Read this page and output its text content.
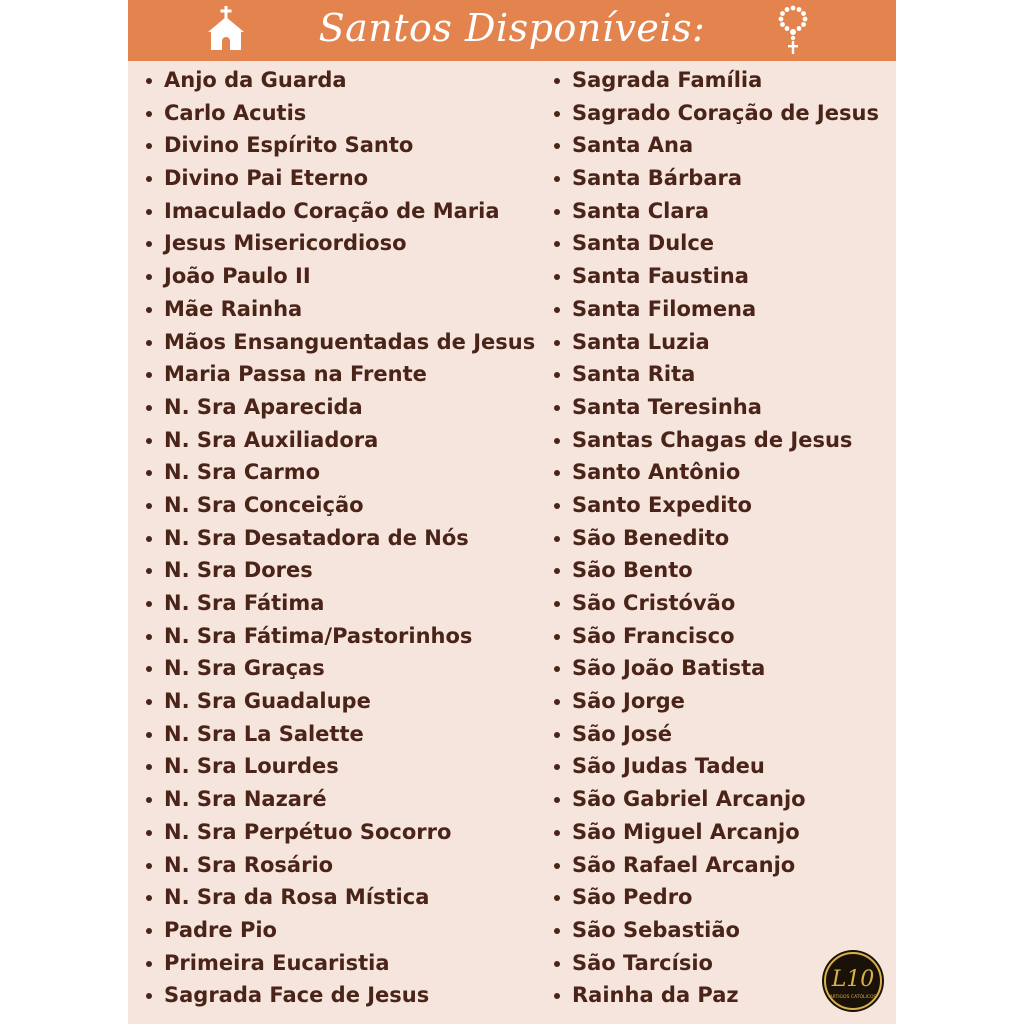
Santos Disponíveis:
Anjo da Guarda
Carlo Acutis
Divino Espírito Santo
Divino Pai Eterno
Imaculado Coração de Maria
Jesus Misericordioso
João Paulo II
Mãe Rainha
Mãos Ensanguentadas de Jesus
Maria Passa na Frente
N. Sra Aparecida
N. Sra Auxiliadora
N. Sra Carmo
N. Sra Conceição
N. Sra Desatadora de Nós
N. Sra Dores
N. Sra Fátima
N. Sra Fátima/Pastorinhos
N. Sra Graças
N. Sra Guadalupe
N. Sra La Salette
N. Sra Lourdes
N. Sra Nazaré
N. Sra Perpétuo Socorro
N. Sra Rosário
N. Sra da Rosa Mística
Padre Pio
Primeira Eucaristia
Sagrada Face de Jesus
Sagrada Família
Sagrado Coração de Jesus
Santa Ana
Santa Bárbara
Santa Clara
Santa Dulce
Santa Faustina
Santa Filomena
Santa Luzia
Santa Rita
Santa Teresinha
Santas Chagas de Jesus
Santo Antônio
Santo Expedito
São Benedito
São Bento
São Cristóvão
São Francisco
São João Batista
São Jorge
São José
São Judas Tadeu
São Gabriel Arcanjo
São Miguel Arcanjo
São Rafael Arcanjo
São Pedro
São Sebastião
São Tarcísio
Rainha da Paz
L10
ARTIGOS CATÓLICOS
